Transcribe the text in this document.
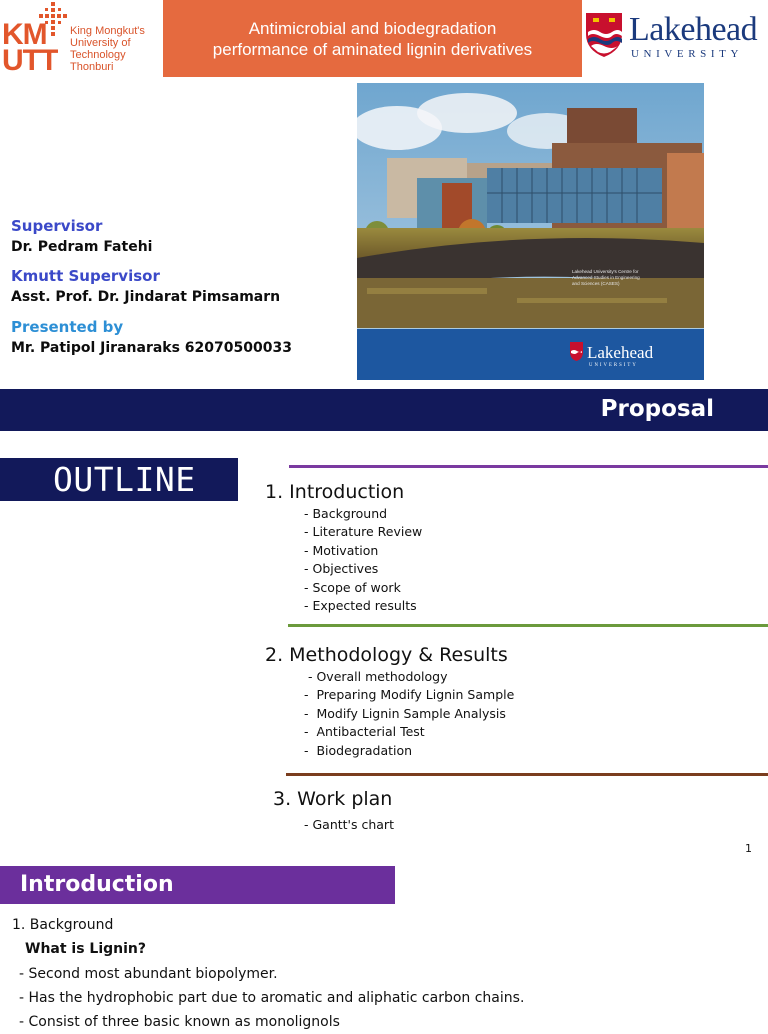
KM UTT
King Mongkut's
University of
Technology
Thonburi
Antimicrobial and biodegradation
performance of aminated lignin derivatives
Lakehead
UNIVERSITY
Supervisor
Dr. Pedram Fatehi
Kmutt Supervisor
Asst. Prof. Dr. Jindarat Pimsamarn
Presented by
Mr. Patipol Jiranaraks 62070500033
Lakehead University's Centre for
Advanced Studies in Engineering
and Sciences (CASES)
Lakehead
UNIVERSITY
Proposal
OUTLINE	1. Introduction
- Background
- Literature Review
- Motivation
- Objectives
- Scope of work
- Expected results
2. Methodology & Results
- Overall methodology
-  Preparing Modify Lignin Sample
-  Modify Lignin Sample Analysis
-  Antibacterial Test
-  Biodegradation
3. Work plan
- Gantt's chart
1
Introduction
1. Background
What is Lignin?
- Second most abundant biopolymer.
- Has the hydrophobic part due to aromatic and aliphatic carbon chains.
- Consist of three basic known as monolignols
